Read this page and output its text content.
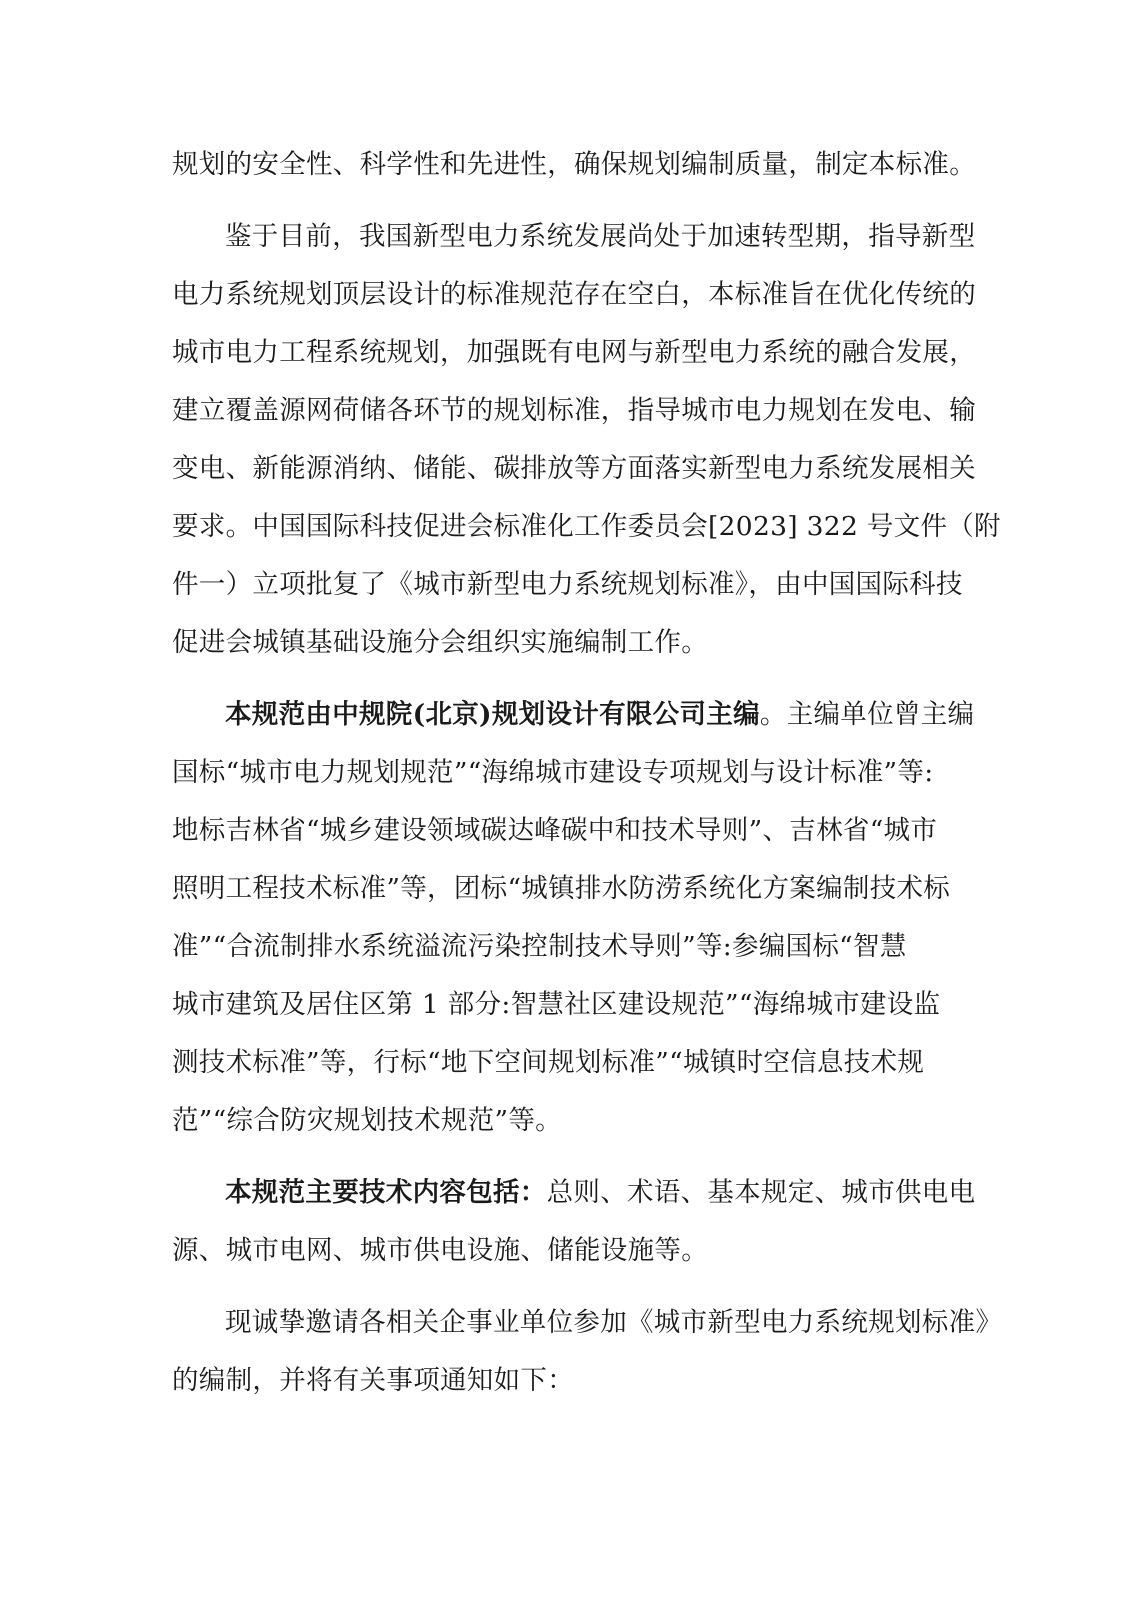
规划的安全性、科学性和先进性，确保规划编制质量，制定本标准。
鉴于目前，我国新型电力系统发展尚处于加速转型期，指导新型
电力系统规划顶层设计的标准规范存在空白，本标准旨在优化传统的
城市电力工程系统规划，加强既有电网与新型电力系统的融合发展，
建立覆盖源网荷储各环节的规划标准，指导城市电力规划在发电、输
变电、新能源消纳、储能、碳排放等方面落实新型电力系统发展相关
要求。中国国际科技促进会标准化工作委员会[2023] 322 号文件（附
件一）立项批复了《城市新型电力系统规划标准》，由中国国际科技
促进会城镇基础设施分会组织实施编制工作。
本规范由中规院(北京)规划设计有限公司主编。主编单位曾主编
国标“城市电力规划规范”“海绵城市建设专项规划与设计标准”等:
地标吉林省“城乡建设领域碳达峰碳中和技术导则”、吉林省“城市
照明工程技术标准”等，团标“城镇排水防涝系统化方案编制技术标
准”“合流制排水系统溢流污染控制技术导则”等:参编国标“智慧
城市建筑及居住区第 1 部分:智慧社区建设规范”“海绵城市建设监
测技术标准”等，行标“地下空间规划标准”“城镇时空信息技术规
范”“综合防灾规划技术规范”等。
本规范主要技术内容包括：总则、术语、基本规定、城市供电电
源、城市电网、城市供电设施、储能设施等。
现诚挚邀请各相关企事业单位参加《城市新型电力系统规划标准》
的编制，并将有关事项通知如下：
